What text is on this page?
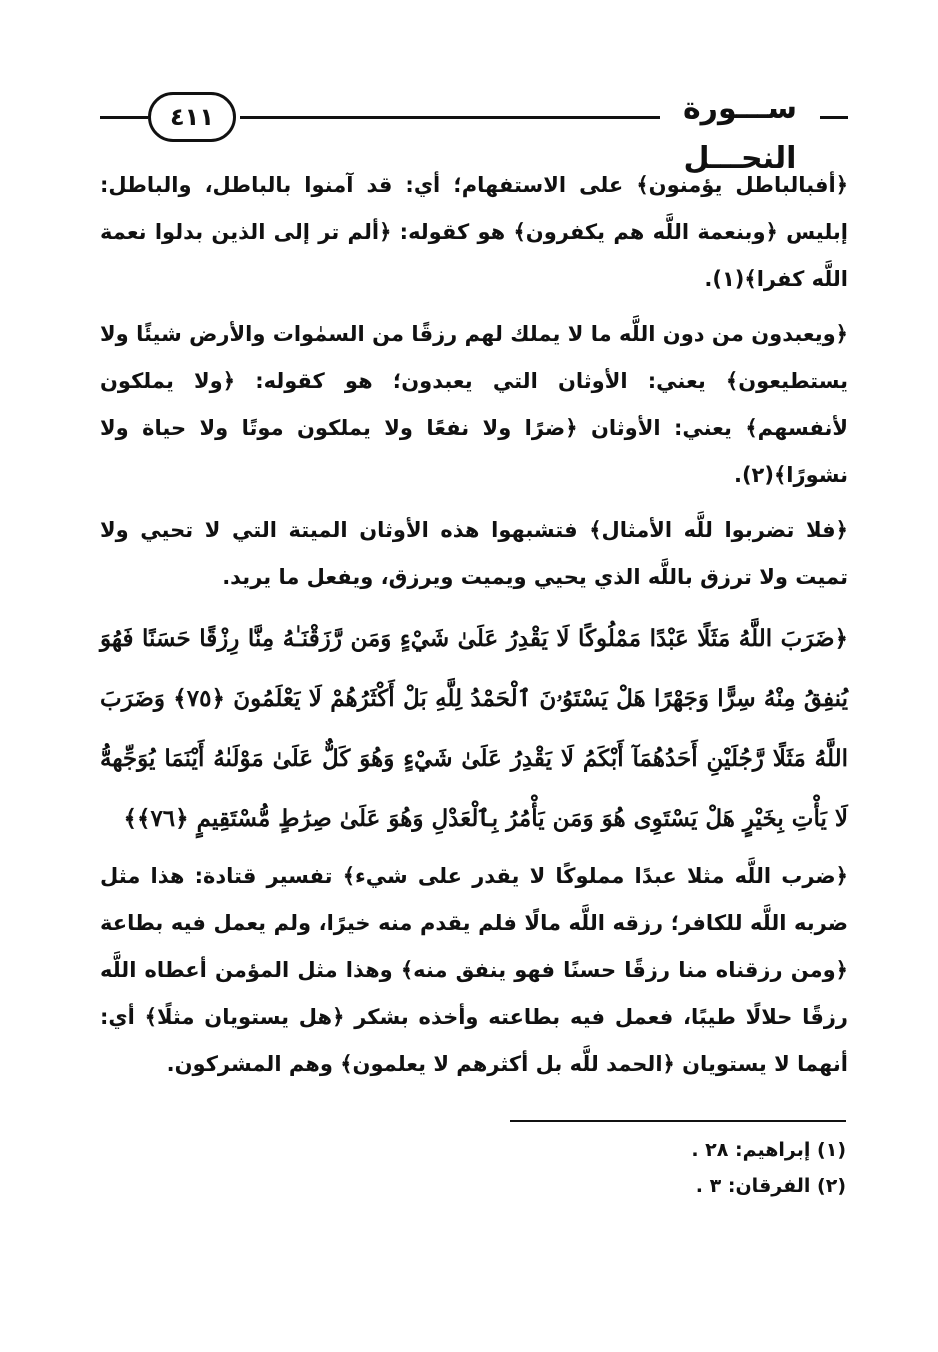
ســـورة النحـــل
٤١١

﴿أفبالباطل يؤمنون﴾ على الاستفهام؛ أي: قد آمنوا بالباطل، والباطل: إبليس ﴿وبنعمة اللَّه هم يكفرون﴾ هو كقوله: ﴿ألم تر إلى الذين بدلوا نعمة اللَّه كفرا﴾(١).

﴿ويعبدون من دون اللَّه ما لا يملك لهم رزقًا من السمٰوات والأرض شيئًا ولا يستطيعون﴾ يعني: الأوثان التي يعبدون؛ هو كقوله: ﴿ولا يملكون لأنفسهم﴾ يعني: الأوثان ﴿ضرًا ولا نفعًا ولا يملكون موتًا ولا حياة ولا نشورًا﴾(٢).

﴿فلا تضربوا للَّه الأمثال﴾ فتشبهوا هذه الأوثان الميتة التي لا تحيي ولا تميت ولا ترزق باللَّه الذي يحيي ويميت ويرزق، ويفعل ما يريد.

﴿ضَرَبَ اللَّهُ مَثَلًا عَبْدًا مَمْلُوكًا لَا يَقْدِرُ عَلَىٰ شَيْءٍ وَمَن رَّزَقْنَـٰهُ مِنَّا رِزْقًا حَسَنًا فَهُوَ يُنفِقُ مِنْهُ سِرًّا وَجَهْرًا هَلْ يَسْتَوُۥنَ ٱلْحَمْدُ لِلَّهِ بَلْ أَكْثَرُهُمْ لَا يَعْلَمُونَ ﴿٧٥﴾ وَضَرَبَ اللَّهُ مَثَلًا رَّجُلَيْنِ أَحَدُهُمَآ أَبْكَمُ لَا يَقْدِرُ عَلَىٰ شَيْءٍ وَهُوَ كَلٌّ عَلَىٰ مَوْلَىٰهُ أَيْنَمَا يُوَجِّههُّ لَا يَأْتِ بِخَيْرٍ هَلْ يَسْتَوِى هُوَ وَمَن يَأْمُرُ بِٱلْعَدْلِ وَهُوَ عَلَىٰ صِرَٰطٍ مُّسْتَقِيمٍ ﴿٧٦﴾﴾

﴿ضرب اللَّه مثلا عبدًا مملوكًا لا يقدر على شيء﴾ تفسير قتادة: هذا مثل ضربه اللَّه للكافر؛ رزقه اللَّه مالًا فلم يقدم منه خيرًا، ولم يعمل فيه بطاعة ﴿ومن رزقناه منا رزقًا حسنًا فهو ينفق منه﴾ وهذا مثل المؤمن أعطاه اللَّه رزقًا حلالًا طيبًا، فعمل فيه بطاعته وأخذه بشكر ﴿هل يستويان مثلًا﴾ أي: أنهما لا يستويان ﴿الحمد للَّه بل أكثرهم لا يعلمون﴾ وهم المشركون.

(١) إبراهيم: ٢٨ .

(٢) الفرقان: ٣ .
